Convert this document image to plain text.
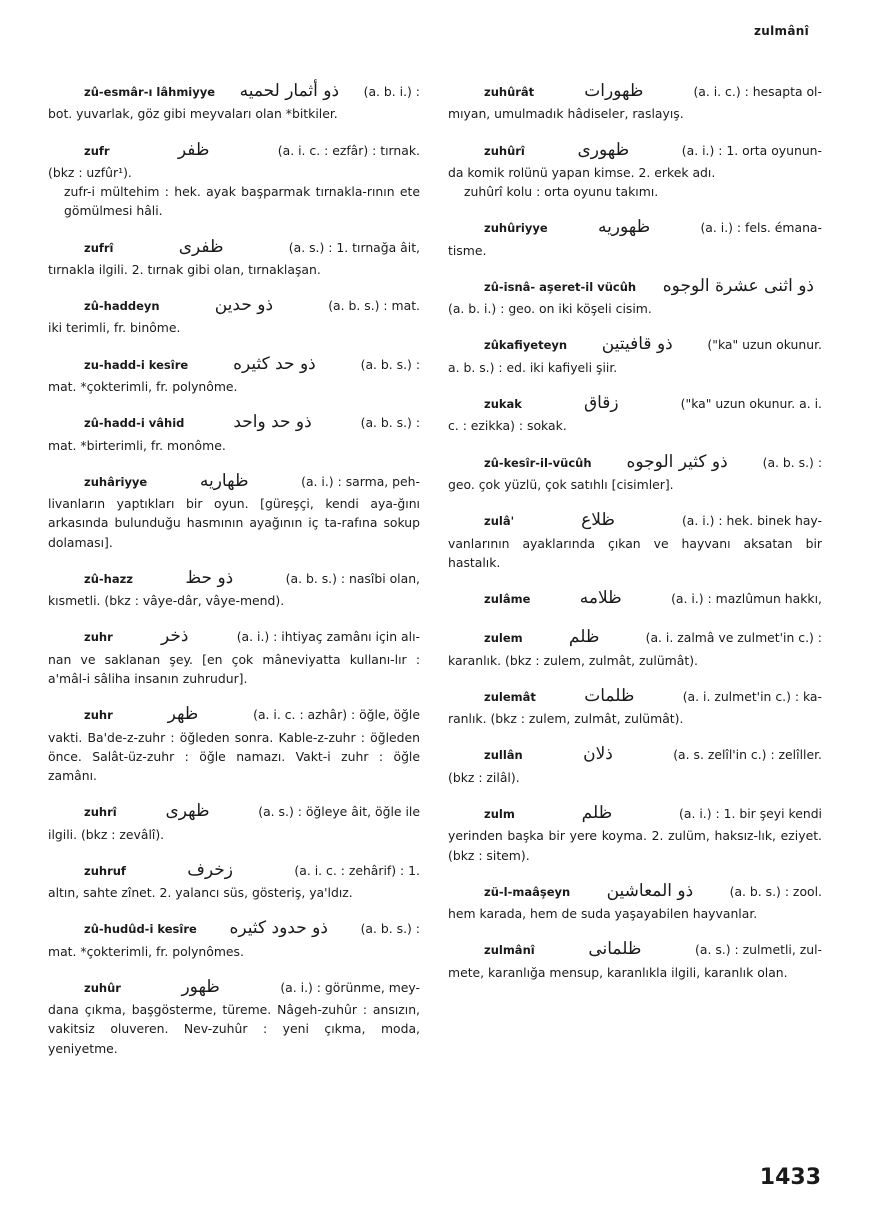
zulmânî
zû-esmâr-ı lâhmiyye ذو أثمار لحميه (a. b. i.) :

bot. yuvarlak, göz gibi meyvaları olan *bitkiler.

zufr	ظفر	(a. i. c. : ezfâr) : tırnak.

(bkz : uzfûr¹).

zufr-i mültehim : hek. ayak başparmak tırnakla-rının ete gömülmesi hâli.

zufrî	ظفرى	(a. s.) : 1. tırnağa âit,

tırnakla ilgili. 2. tırnak gibi olan, tırnaklaşan.

zû-haddeyn	ذو حدين	(a. b. s.) : mat.

iki terimli, fr. binôme.

zu-hadd-i kesîre	ذو حد كثيره	(a. b. s.) :

mat. *çokterimli, fr. polynôme.

zû-hadd-i vâhid	ذو حد واحد	(a. b. s.) :

mat. *birterimli, fr. monôme.

zuhâriyye	ظهاريه	(a. i.) : sarma, peh-

livanların yaptıkları bir oyun. [güreşçi, kendi aya-ğını arkasında bulunduğu hasmının ayağının iç ta-rafına sokup dolaması].

zû-hazz	ذو حظ	(a. b. s.) : nasîbi olan,

kısmetli. (bkz : vâye-dâr, vâye-mend).

zuhr	ذخر	(a. i.) : ihtiyaç zamânı için alı-

nan ve saklanan şey. [en çok mâneviyatta kullanı-lır : a'mâl-i sâliha insanın zuhrudur].

zuhr	ظهر	(a. i. c. : azhâr) : öğle, öğle

vakti. Ba'de-z-zuhr : öğleden sonra. Kable-z-zuhr : öğleden önce. Salât-üz-zuhr : öğle namazı. Vakt-i zuhr : öğle zamânı.

zuhrî	ظهرى	(a. s.) : öğleye âit, öğle ile

ilgili. (bkz : zevâlî).

zuhruf	زخرف	(a. i. c. : zehârif) : 1.

altın, sahte zînet. 2. yalancı süs, gösteriş, ya'ldız.

zû-hudûd-i kesîre ذو حدود كثيره	(a. b. s.) :

mat. *çokterimli, fr. polynômes.

zuhûr	ظهور	(a. i.) : görünme, mey-

dana çıkma, başgösterme, türeme. Nâgeh-zuhûr : ansızın, vakitsiz oluveren. Nev-zuhûr : yeni çıkma, moda, yeniyetme.

zuhûrât	ظهورات	(a. i. c.) : hesapta ol-

mıyan, umulmadık hâdiseler, raslayış.

zuhûrî	ظهورى	(a. i.) : 1. orta oyunun-

da komik rolünü yapan kimse. 2. erkek adı.

zuhûrî kolu : orta oyunu takımı.

zuhûriyye	ظهوريه	(a. i.) : fels. émana-

tisme.

zû-isnâ- aşeret-il vücûh ذو اثنى عشرة الوجوه

(a. b. i.) : geo. on iki köşeli cisim.

zûkafiyeteyn ذو قافيتين	("ka" uzun okunur.

a. b. s.) : ed. iki kafiyeli şiir.

zukak	زقاق	("ka" uzun okunur. a. i.

c. : ezikka) : sokak.

zû-kesîr-il-vücûh ذو كثير الوجوه	(a. b. s.) :

geo. çok yüzlü, çok satıhlı [cisimler].

zulâ'	ظلاع	(a. i.) : hek. binek hay-

vanlarının ayaklarında çıkan ve hayvanı aksatan bir hastalık.

zulâme	ظلامه	(a. i.) : mazlûmun hakkı,
zulem	ظلم	(a. i. zalmâ ve zulmet'in c.) :

karanlık. (bkz : zulem, zulmât, zulümât).

zulemât	ظلمات	(a. i. zulmet'in c.) : ka-

ranlık. (bkz : zulem, zulmât, zulümât).

zullân	ذلان	(a. s. zelîl'in c.) : zelîller.

(bkz : zilâl).

zulm	ظلم	(a. i.) : 1. bir şeyi kendi

yerinden başka bir yere koyma. 2. zulüm, haksız-lık, eziyet. (bkz : sitem).

zü-l-maâşeyn ذو المعاشين	(a. b. s.) : zool.

hem karada, hem de suda yaşayabilen hayvanlar.

zulmânî	ظلمانى	(a. s.) : zulmetli, zul-

mete, karanlığa mensup, karanlıkla ilgili, karanlık olan.

1433
